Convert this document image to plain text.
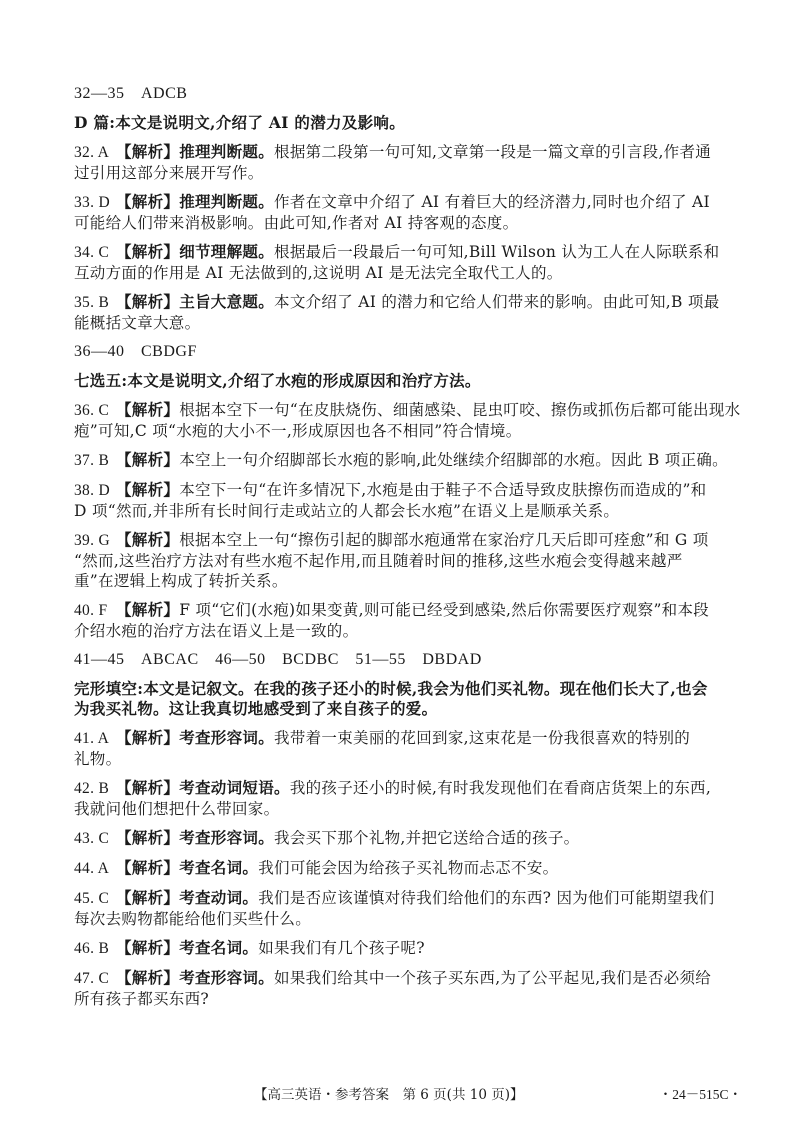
32—35　ADCB
D 篇:本文是说明文,介绍了 AI 的潜力及影响。
32. A 【解析】推理判断题。根据第二段第一句可知,文章第一段是一篇文章的引言段,作者通
过引用这部分来展开写作。
33. D 【解析】推理判断题。作者在文章中介绍了 AI 有着巨大的经济潜力,同时也介绍了 AI
可能给人们带来消极影响。由此可知,作者对 AI 持客观的态度。
34. C 【解析】细节理解题。根据最后一段最后一句可知,Bill Wilson 认为工人在人际联系和
互动方面的作用是 AI 无法做到的,这说明 AI 是无法完全取代工人的。
35. B 【解析】主旨大意题。本文介绍了 AI 的潜力和它给人们带来的影响。由此可知,B 项最
能概括文章大意。
36—40　CBDGF
七选五:本文是说明文,介绍了水疱的形成原因和治疗方法。
36. C 【解析】根据本空下一句“在皮肤烧伤、细菌感染、昆虫叮咬、擦伤或抓伤后都可能出现水
疱”可知,C 项“水疱的大小不一,形成原因也各不相同”符合情境。
37. B 【解析】本空上一句介绍脚部长水疱的影响,此处继续介绍脚部的水疱。因此 B 项正确。
38. D 【解析】本空下一句“在许多情况下,水疱是由于鞋子不合适导致皮肤擦伤而造成的”和
D 项“然而,并非所有长时间行走或站立的人都会长水疱”在语义上是顺承关系。
39. G 【解析】根据本空上一句“擦伤引起的脚部水疱通常在家治疗几天后即可痊愈”和 G 项
“然而,这些治疗方法对有些水疱不起作用,而且随着时间的推移,这些水疱会变得越来越严
重”在逻辑上构成了转折关系。
40. F 【解析】F 项“它们(水疱)如果变黄,则可能已经受到感染,然后你需要医疗观察”和本段
介绍水疱的治疗方法在语义上是一致的。
41—45　ABCAC　46—50　BCDBC　51—55　DBDAD
完形填空:本文是记叙文。在我的孩子还小的时候,我会为他们买礼物。现在他们长大了,也会
为我买礼物。这让我真切地感受到了来自孩子的爱。
41. A 【解析】考查形容词。我带着一束美丽的花回到家,这束花是一份我很喜欢的特别的
礼物。
42. B 【解析】考查动词短语。我的孩子还小的时候,有时我发现他们在看商店货架上的东西,
我就问他们想把什么带回家。
43. C 【解析】考查形容词。我会买下那个礼物,并把它送给合适的孩子。
44. A 【解析】考查名词。我们可能会因为给孩子买礼物而忐忑不安。
45. C 【解析】考查动词。我们是否应该谨慎对待我们给他们的东西? 因为他们可能期望我们
每次去购物都能给他们买些什么。
46. B 【解析】考查名词。如果我们有几个孩子呢?
47. C 【解析】考查形容词。如果我们给其中一个孩子买东西,为了公平起见,我们是否必须给
所有孩子都买东西?
【高三英语・参考答案　第 6 页(共 10 页)】	・24－515C・
